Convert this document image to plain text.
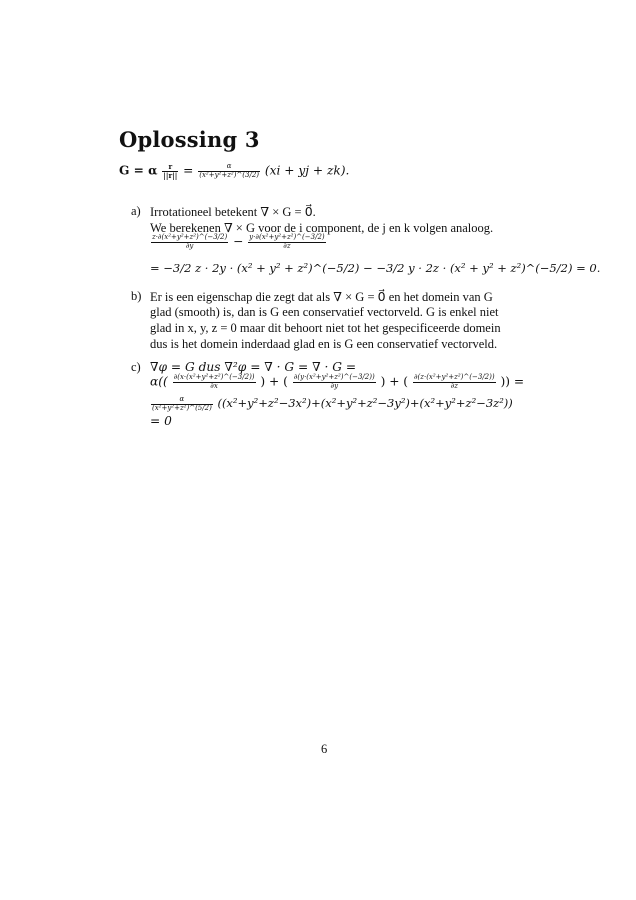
Oplossing 3
G = α $\frac{r}{||r||} = \frac{\alpha}{\text{(x²+y²+z²)\textasciicircum{}(3/2)}} (xi$ + yj + zk).
a) Irrotationeel betekent ∇ × G = 0⃗.
We berekenen ∇ × G voor de i component, de j en k volgen analoog.
$\frac{\text{z·∂(x²+y²+z²)\textasciicircum{}(−3/2)}}{\partial y} - \frac{\text{y·∂(x²+y²+z²)\textasciicircum{}(−3/2)}}{\partial z}$
= −3/2 z · 2y · (x² + y² + z²)^(−5/2) − −3/2 y · 2z · (x² + y² + z²)^(−5/2) = 0.
b) Er is een eigenschap die zegt dat als ∇ × G = 0⃗ en het domein van G
glad (smooth) is, dan is G een conservatief vectorveld. G is enkel niet
glad in x, y, z = 0 maar dit behoort niet tot het gespecificeerde domein
dus is het domein inderdaad glad en is G een conservatief vectorveld.
c) ∇φ = G dus ∇²φ = ∇ · G = ∇ · G =
$\alpha(( \frac{\text{∂(x·(x²+y²+z²)\textasciicircum{}(−3/2))}}{\partial x}$ ) + ( $\frac{\text{∂(y·(x²+y²+z²)\textasciicircum{}(−3/2))}}{\partial y}$ ) + ( $\frac{\text{∂(z·(x²+y²+z²)\textasciicircum{}(−3/2))}}{\partial z}$ )) =
$\frac{\alpha}{\text{(x²+y²+z²)\textasciicircum{}(5/2)}} ((x^2+y^2+z^2-3x^2)+(x^2+y^2+z^2-3y^2)+(x^2+y^2+z^2-3z^2))$
= 0
6
